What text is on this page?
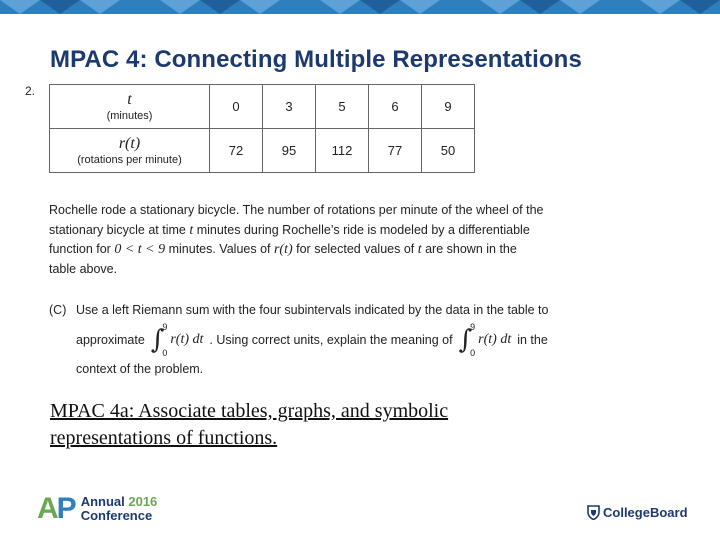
MPAC 4: Connecting Multiple Representations
2.	t
(minutes)	0	3	5	6	9

r(t)
(rotations per minute)	72	95	112	77	50
Rochelle rode a stationary bicycle. The number of rotations per minute of the wheel of the
stationary bicycle at time t minutes during Rochelle’s ride is modeled by a differentiable
function for 0 < t < 9 minutes. Values of r(t) for selected values of t are shown in the
table above.
(C) Use a left Riemann sum with the four subintervals indicated by the data in the table to
approximate ∫
9
0
r(t) dt . Using correct units, explain the meaning of ∫
9
0
r(t) dt in the
context of the problem.
MPAC 4a: Associate tables, graphs, and symbolic representations of functions.
AP Annual 2016
Conference	CollegeBoard
